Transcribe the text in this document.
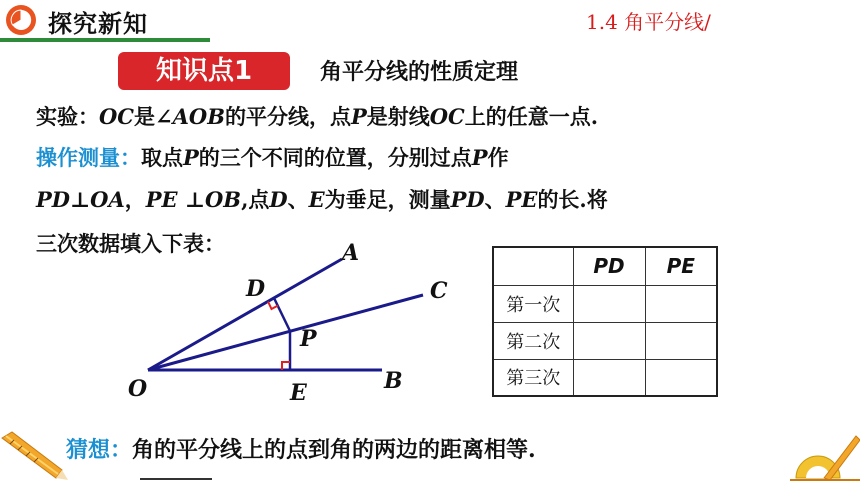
探究新知	1.4 角平分线/
知识点1	角平分线的性质定理
实验：OC是∠AOB的平分线，点P是射线OC上的任意一点.
操作测量：取点P的三个不同的位置，分别过点P作
PD⊥OA，PE ⊥OB,点D、E为垂足，测量PD、PE的长.将
三次数据填入下表：	A
C
D
P
B
O	E
	PD	PE
第一次		
第二次		
第三次		
猜想：角的平分线上的点到角的两边的距离相等.
